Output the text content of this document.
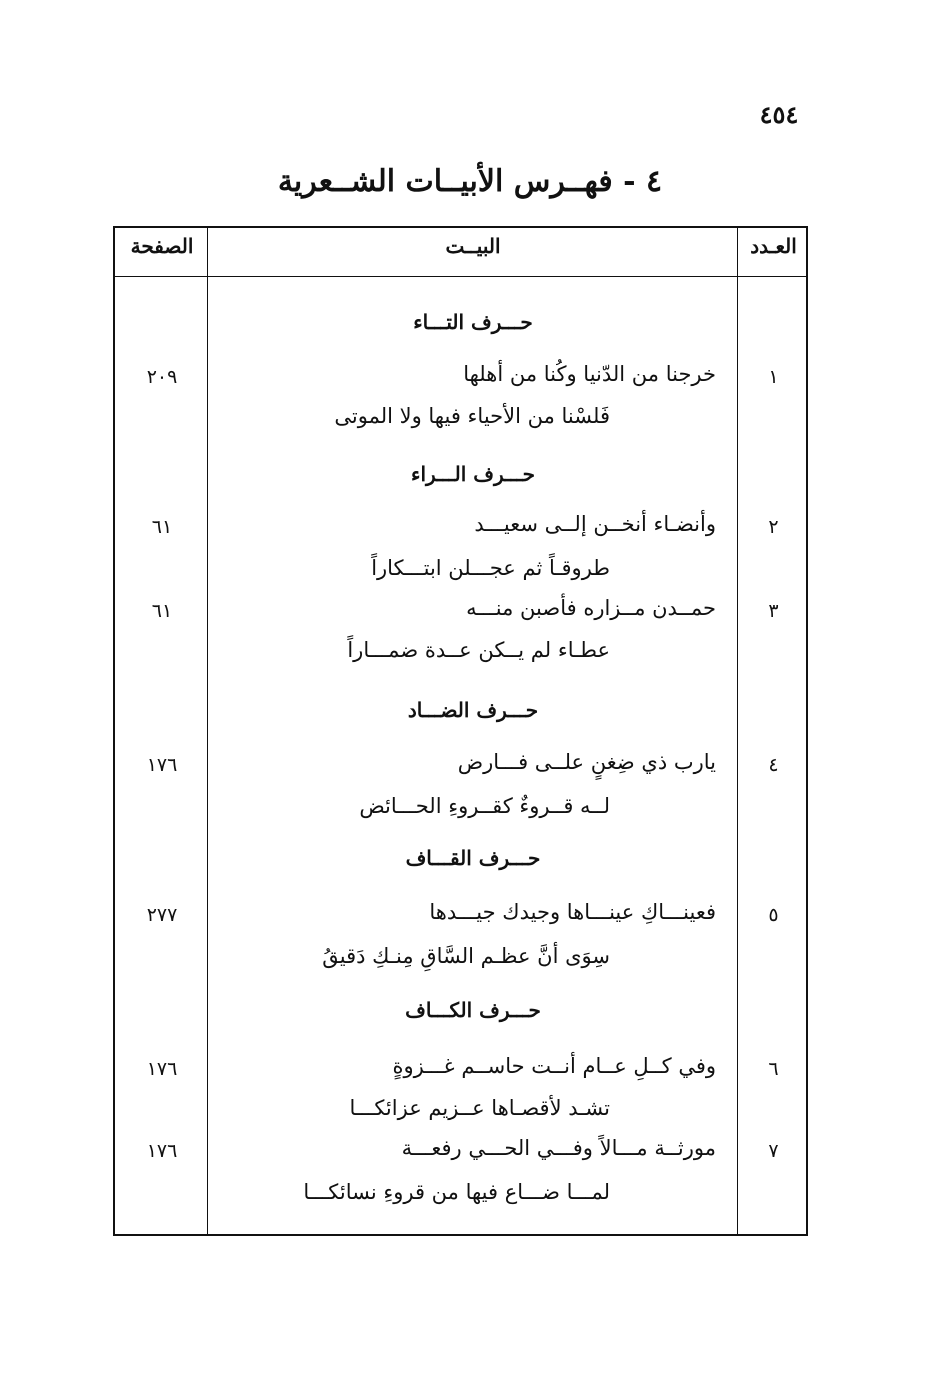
٤٥٤
٤ - فهــرس الأبيــات الشــعرية
العـدد
البيــت
الصفحة
حـــرف التـــاء
١
خرجنا من الدّنيا وكُنا من أهلها
فَلسْنا من الأحياء فيها ولا الموتى
٢٠٩
حـــرف الـــراء
٢
وأنضـاء أنخــن إلــى سعيـــد
طروقـاً ثم عجـــلن ابتـــكاراً
٦١
٣
حمــدن مــزاره فأصبن منـــه
عطـاء لم يــكن عــدة ضمـــاراً
٦١
حـــرف الضـــاد
٤
يارب ذي ضِغنٍ علــى فـــارض
لــه قــروءٌ كقــروءِ الحـــائض
١٧٦
حـــرف القـــاف
٥
فعينـــاكِ عينـــاها وجيدك جيـــدها
سِوَى أنَّ عظـم السَّاقِ مِنـكِ دَقيقُ
٢٧٧
حـــرف الكـــاف
٦
وفي كــلِ عــام أنــت حاســم غـــزوةٍ
تشـد لأقصـاها عــزيم عزائكـــا
١٧٦
٧
مورثــة مـــالاً وفـــي الحـــي رفعـــة
لمـــا ضـــاع فيها من قروءِ نسائكـــا
١٧٦
